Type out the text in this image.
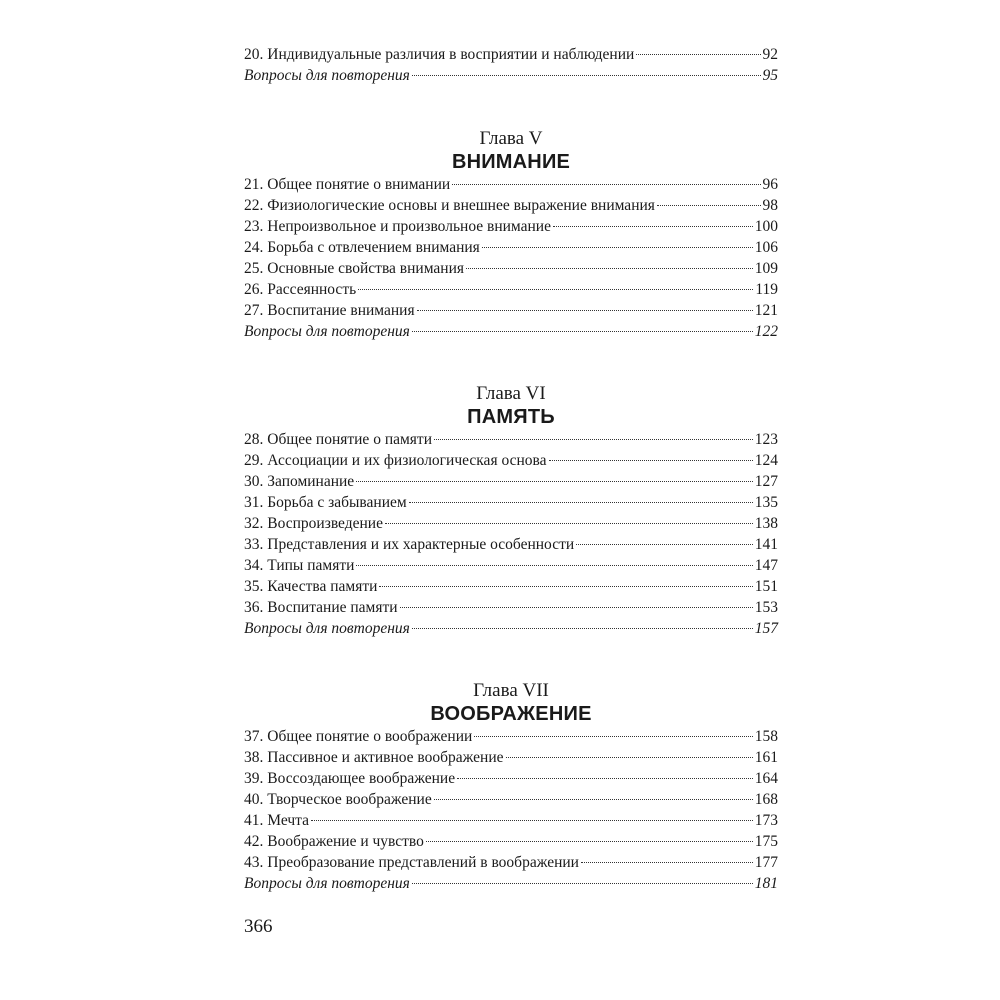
20. Индивидуальные различия в восприятии и наблюдении	92
Вопросы для повторения	95
Глава V
ВНИМАНИЕ
21. Общее понятие о внимании	96
22. Физиологические основы и внешнее выражение внимания	98
23. Непроизвольное и произвольное внимание	100
24. Борьба с отвлечением внимания	106
25. Основные свойства внимания	109
26. Рассеянность	119
27. Воспитание внимания	121
Вопросы для повторения	122
Глава VI
ПАМЯТЬ
28. Общее понятие о памяти	123
29. Ассоциации и их физиологическая основа	124
30. Запоминание	127
31. Борьба с забыванием	135
32. Воспроизведение	138
33. Представления и их характерные особенности	141
34. Типы памяти	147
35. Качества памяти	151
36. Воспитание памяти	153
Вопросы для повторения	157
Глава VII
ВООБРАЖЕНИЕ
37. Общее понятие о воображении	158
38. Пассивное и активное воображение	161
39. Воссоздающее воображение	164
40. Творческое воображение	168
41. Мечта	173
42. Воображение и чувство	175
43. Преобразование представлений в воображении	177
Вопросы для повторения	181
366
